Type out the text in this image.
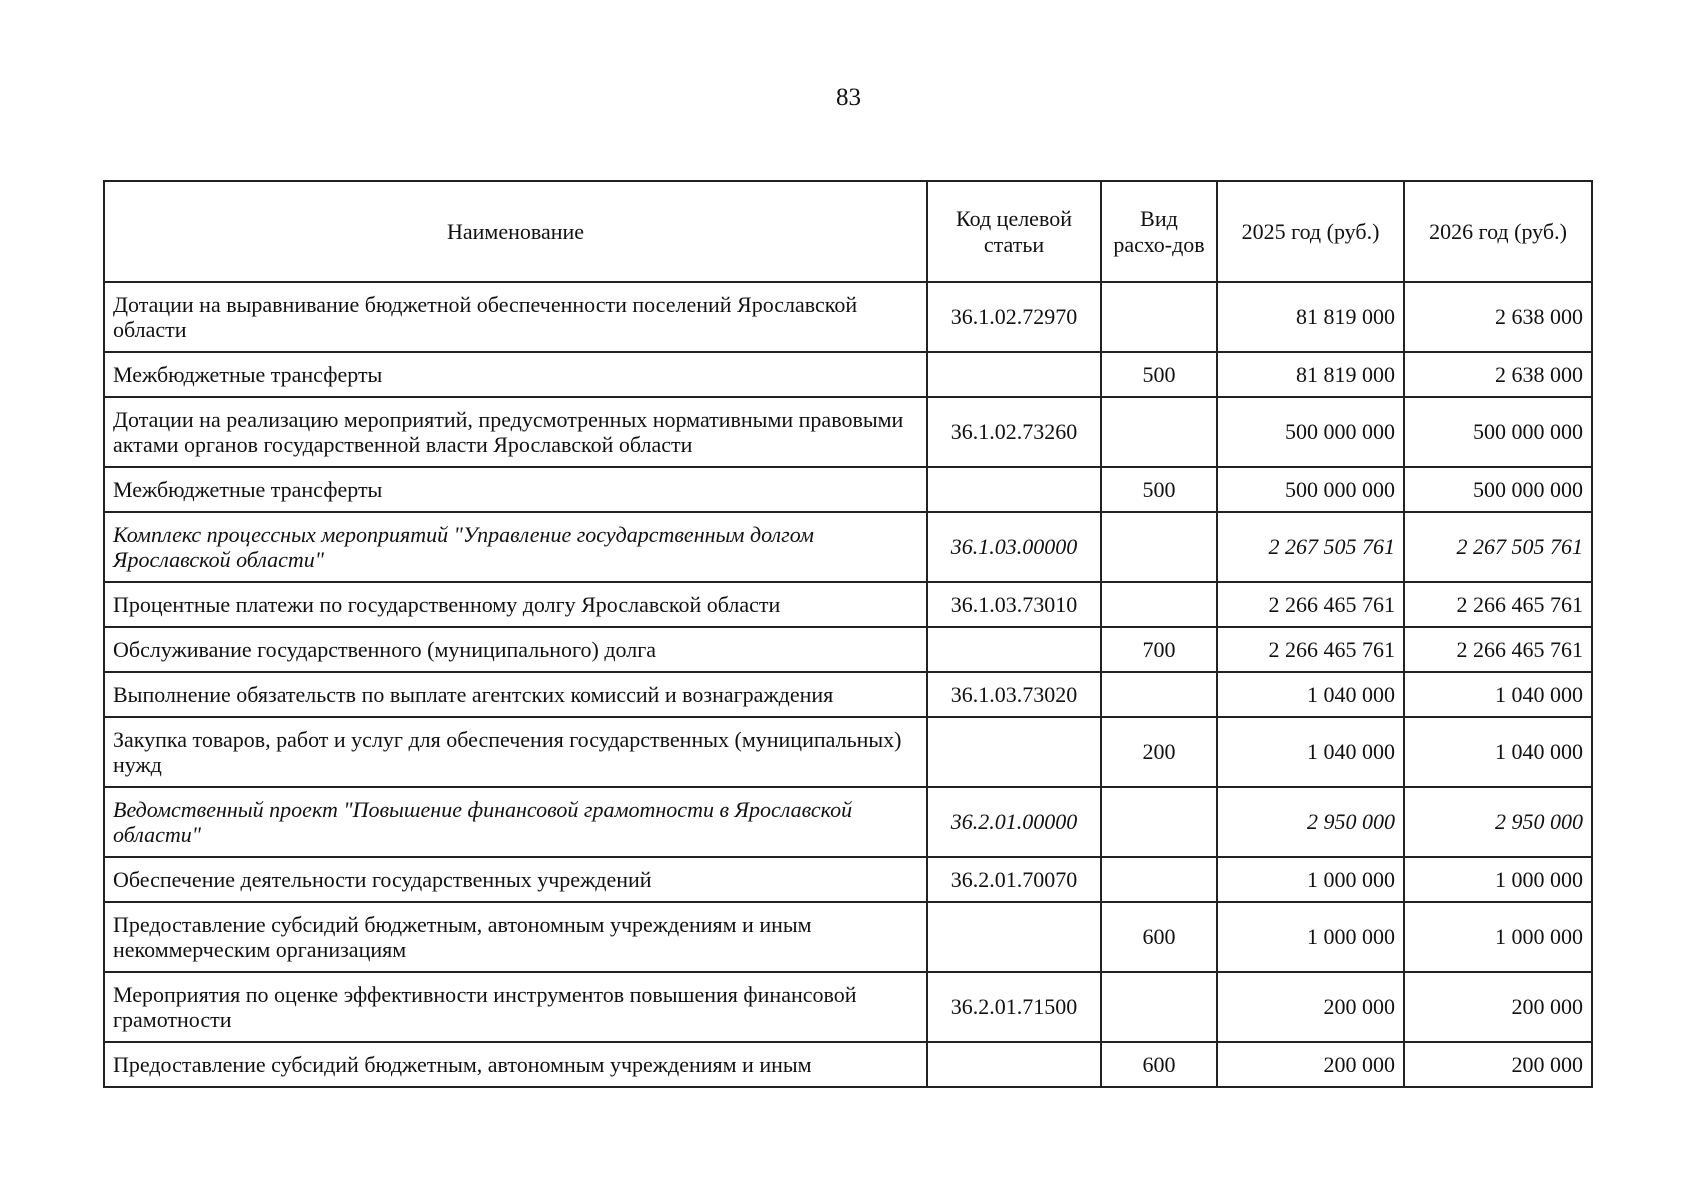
83
Наименование	Код целевой статьи	Вид расхо-дов	2025 год (руб.)	2026 год (руб.)
Дотации на выравнивание бюджетной обеспеченности поселений Ярославской области	36.1.02.72970		81 819 000	2 638 000
Межбюджетные трансферты		500	81 819 000	2 638 000
Дотации на реализацию мероприятий, предусмотренных нормативными правовыми актами органов государственной власти Ярославской области	36.1.02.73260		500 000 000	500 000 000
Межбюджетные трансферты		500	500 000 000	500 000 000
Комплекс процессных мероприятий "Управление государственным долгом Ярославской области"	36.1.03.00000		2 267 505 761	2 267 505 761
Процентные платежи по государственному долгу Ярославской области	36.1.03.73010		2 266 465 761	2 266 465 761
Обслуживание государственного (муниципального) долга		700	2 266 465 761	2 266 465 761
Выполнение обязательств по выплате агентских комиссий и вознаграждения	36.1.03.73020		1 040 000	1 040 000
Закупка товаров, работ и услуг для обеспечения государственных (муниципальных) нужд		200	1 040 000	1 040 000
Ведомственный проект "Повышение финансовой грамотности в Ярославской области"	36.2.01.00000		2 950 000	2 950 000
Обеспечение деятельности государственных учреждений	36.2.01.70070		1 000 000	1 000 000
Предоставление субсидий бюджетным, автономным учреждениям и иным некоммерческим организациям		600	1 000 000	1 000 000
Мероприятия по оценке эффективности инструментов повышения финансовой грамотности	36.2.01.71500		200 000	200 000
Предоставление субсидий бюджетным, автономным учреждениям и иным		600	200 000	200 000
